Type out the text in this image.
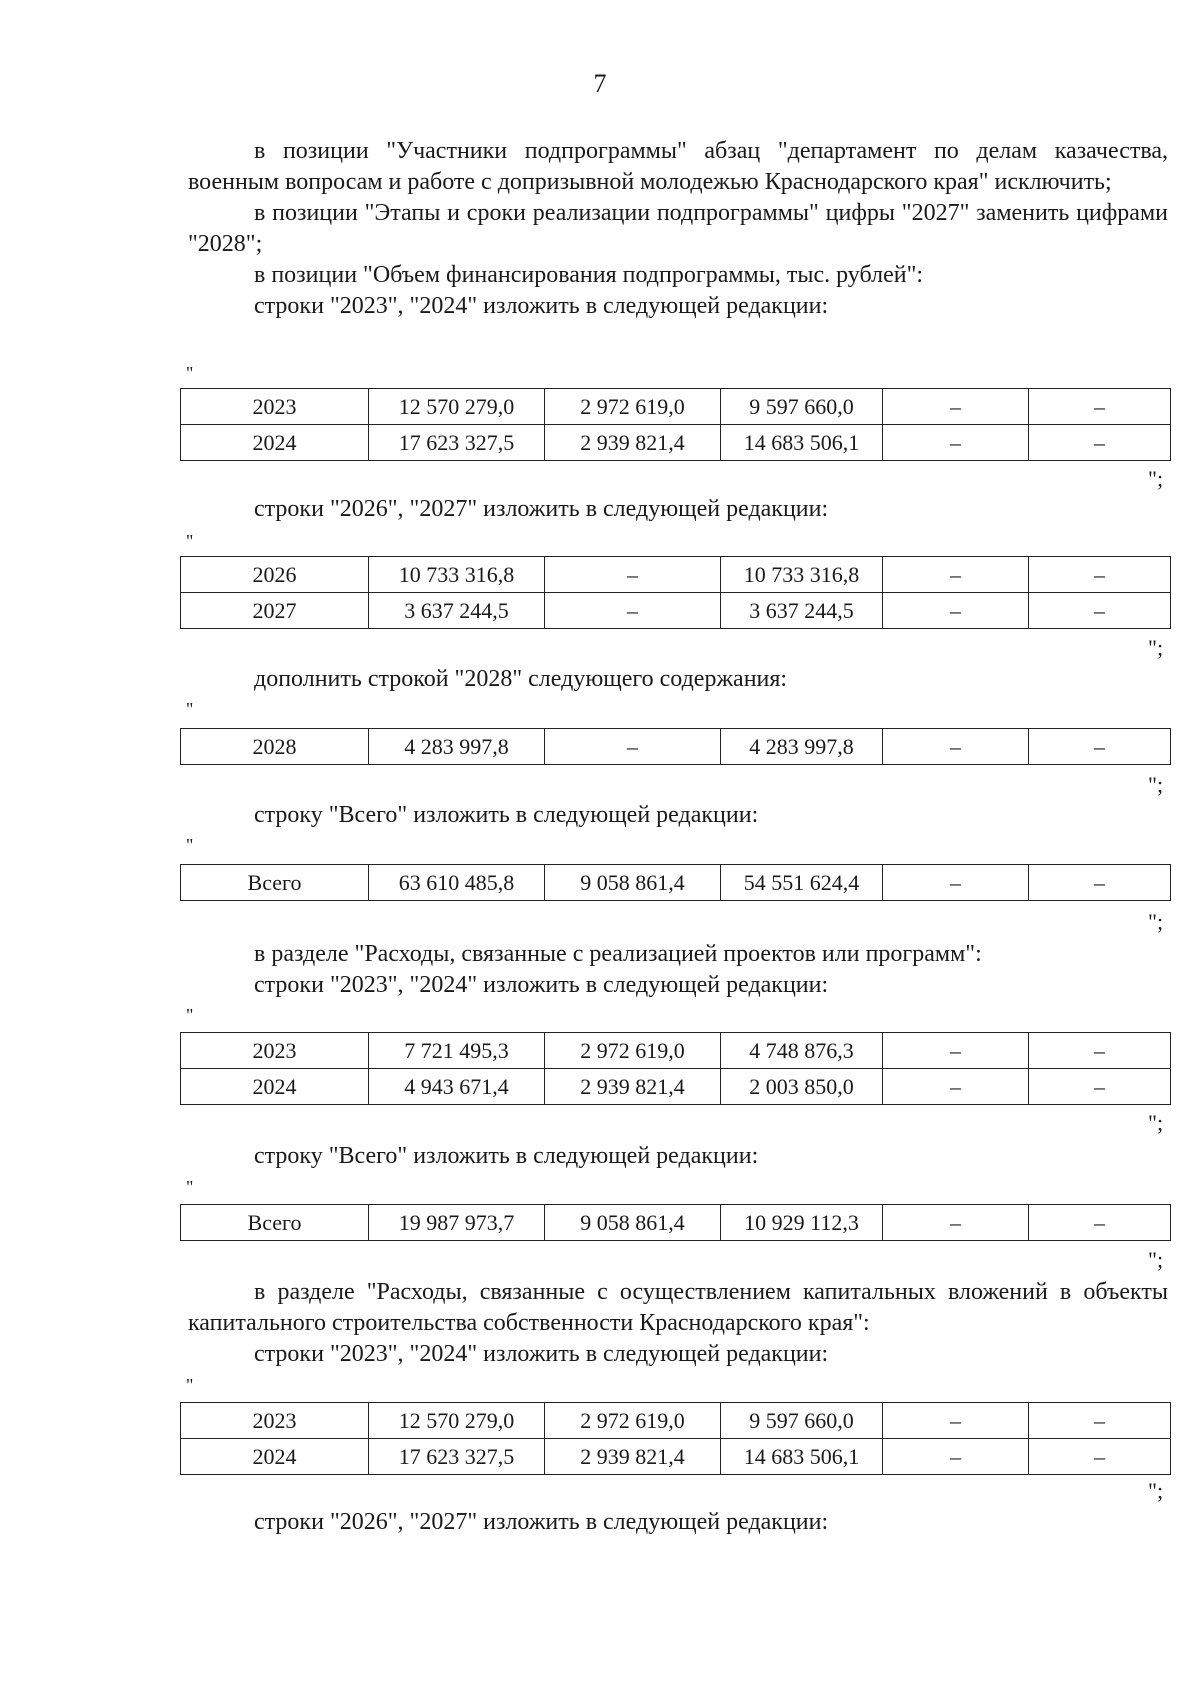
7

в позиции "Участники подпрограммы" абзац "департамент по делам казачества, военным вопросам и работе с допризывной молодежью Краснодарского края" исключить;

в позиции "Этапы и сроки реализации подпрограммы" цифры "2027" заменить цифрами "2028";

в позиции "Объем финансирования подпрограммы, тыс. рублей":

строки "2023", "2024" изложить в следующей редакции:

"
2023	12 570 279,0	2 972 619,0	9 597 660,0	–	–
2024	17 623 327,5	2 939 821,4	14 683 506,1	–	–
";

строки "2026", "2027" изложить в следующей редакции:

"
2026	10 733 316,8	–	10 733 316,8	–	–
2027	3 637 244,5	–	3 637 244,5	–	–
";

дополнить строкой "2028" следующего содержания:

"
2028	4 283 997,8	–	4 283 997,8	–	–
";

строку "Всего" изложить в следующей редакции:

"
Всего	63 610 485,8	9 058 861,4	54 551 624,4	–	–
";

в разделе "Расходы, связанные с реализацией проектов или программ":

строки "2023", "2024" изложить в следующей редакции:

"
2023	7 721 495,3	2 972 619,0	4 748 876,3	–	–
2024	4 943 671,4	2 939 821,4	2 003 850,0	–	–
";

строку "Всего" изложить в следующей редакции:

"
Всего	19 987 973,7	9 058 861,4	10 929 112,3	–	–
";

в разделе "Расходы, связанные с осуществлением капитальных вложений в объекты капитального строительства собственности Краснодарского края":

строки "2023", "2024" изложить в следующей редакции:

"
2023	12 570 279,0	2 972 619,0	9 597 660,0	–	–
2024	17 623 327,5	2 939 821,4	14 683 506,1	–	–
";

строки "2026", "2027" изложить в следующей редакции:
